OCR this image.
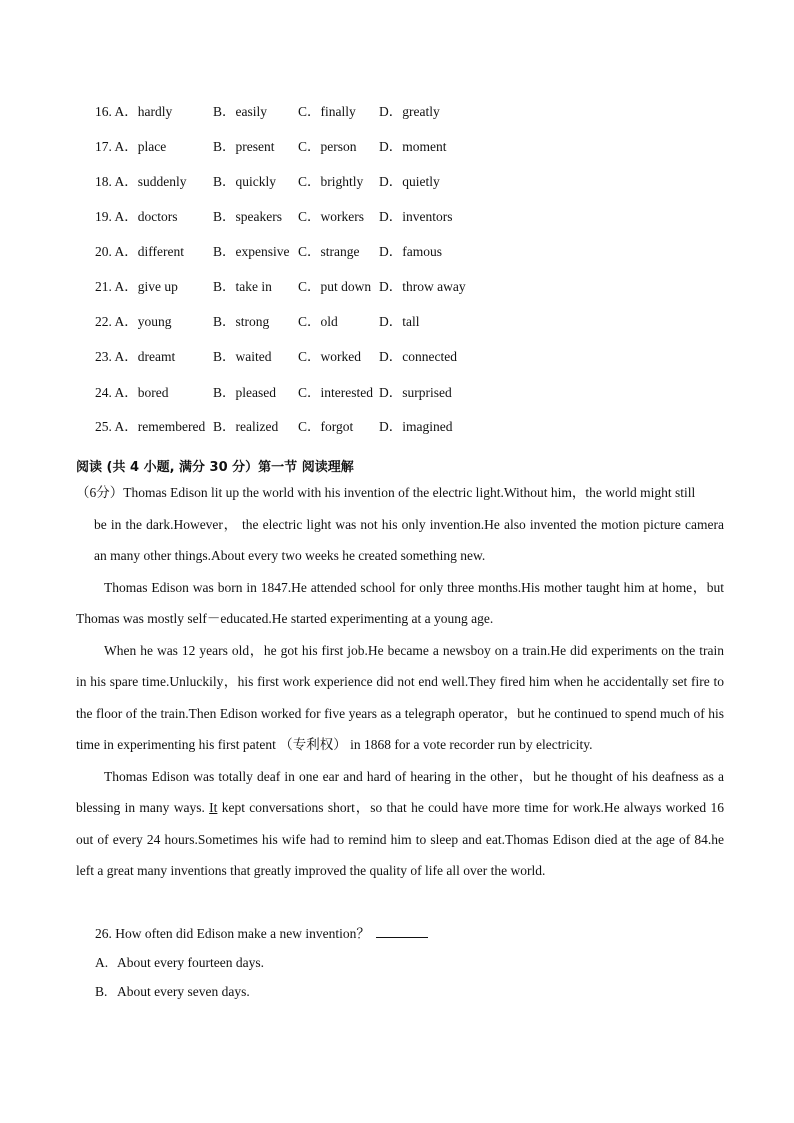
16. A．hardly	B．easily C．finally D．greatly
17. A．place	B．present C．person D．moment
18. A．suddenly B．quickly C．brightly D．quietly
19. A．doctors	B．speakers C．workers D．inventors
20. A．different B．expensive C．strange D．famous
21. A．give up	B．take in C．put down D．throw away
22. A．young	B．strong C．old	D．tall
23. A．dreamt	B．waited C．worked D．connected
24. A．bored	B．pleased C．interested D．surprised
25. A．remembered B．realized C．forgot D．imagined
阅读 (共 4 小题, 满分 30 分）第一节 阅读理解

（6分）Thomas Edison lit up the world with his invention of the electric light.Without him，the world might still

be in the dark.However， the electric light was not his only invention.He also invented the motion picture camera an many other things.About every two weeks he created something new.

Thomas Edison was born in 1847.He attended school for only three months.His mother taught him at home，but Thomas was mostly self－educated.He started experimenting at a young age.

When he was 12 years old，he got his first job.He became a newsboy on a train.He did experiments on the train in his spare time.Unluckily，his first work experience did not end well.They fired him when he accidentally set fire to the floor of the train.Then Edison worked for five years as a telegraph operator，but he continued to spend much of his time in experimenting his first patent （专利权） in 1868 for a vote recorder run by electricity.

Thomas Edison was totally deaf in one ear and hard of hearing in the other，but he thought of his deafness as a blessing in many ways. It kept conversations short，so that he could have more time for work.He always worked 16 out of every 24 hours.Sometimes his wife had to remind him to sleep and eat.Thomas Edison died at the age of 84.he left a great many inventions that greatly improved the quality of life all over the world.

26. How often did Edison make a new invention？
A. About every fourteen days.
B. About every seven days.
